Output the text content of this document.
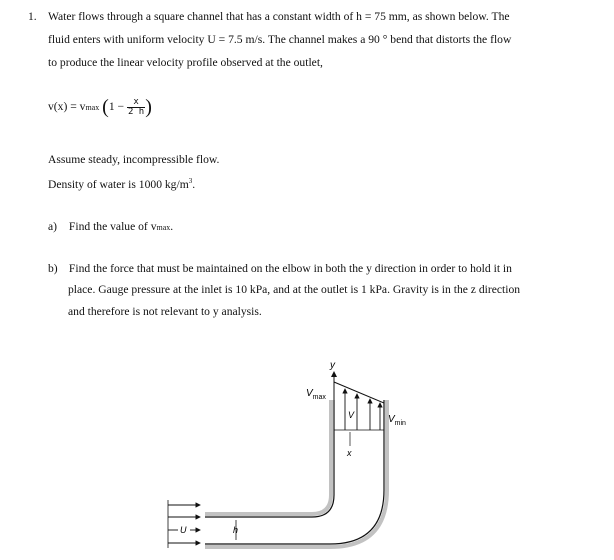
1. Water flows through a square channel that has a constant width of h = 75 mm, as shown below. The
fluid enters with uniform velocity U = 7.5 m/s. The channel makes a 90 ° bend that distorts the flow
to produce the linear velocity profile observed at the outlet,
v(x) = vmax ($1 - \frac{x}{2 h}$ )
Assume steady, incompressible flow.
Density of water is 1000 $kg/m^3$.
a) Find the value of vmax.
b) Find the force that must be maintained on the elbow in both the y direction in order to hold it in
place. Gauge pressure at the inlet is 10 kPa, and at the outlet is 1 kPa. Gravity is in the z direction
and therefore is not relevant to y analysis.
y
$V_{max}$
V	$V_{min}$
x
U	h
